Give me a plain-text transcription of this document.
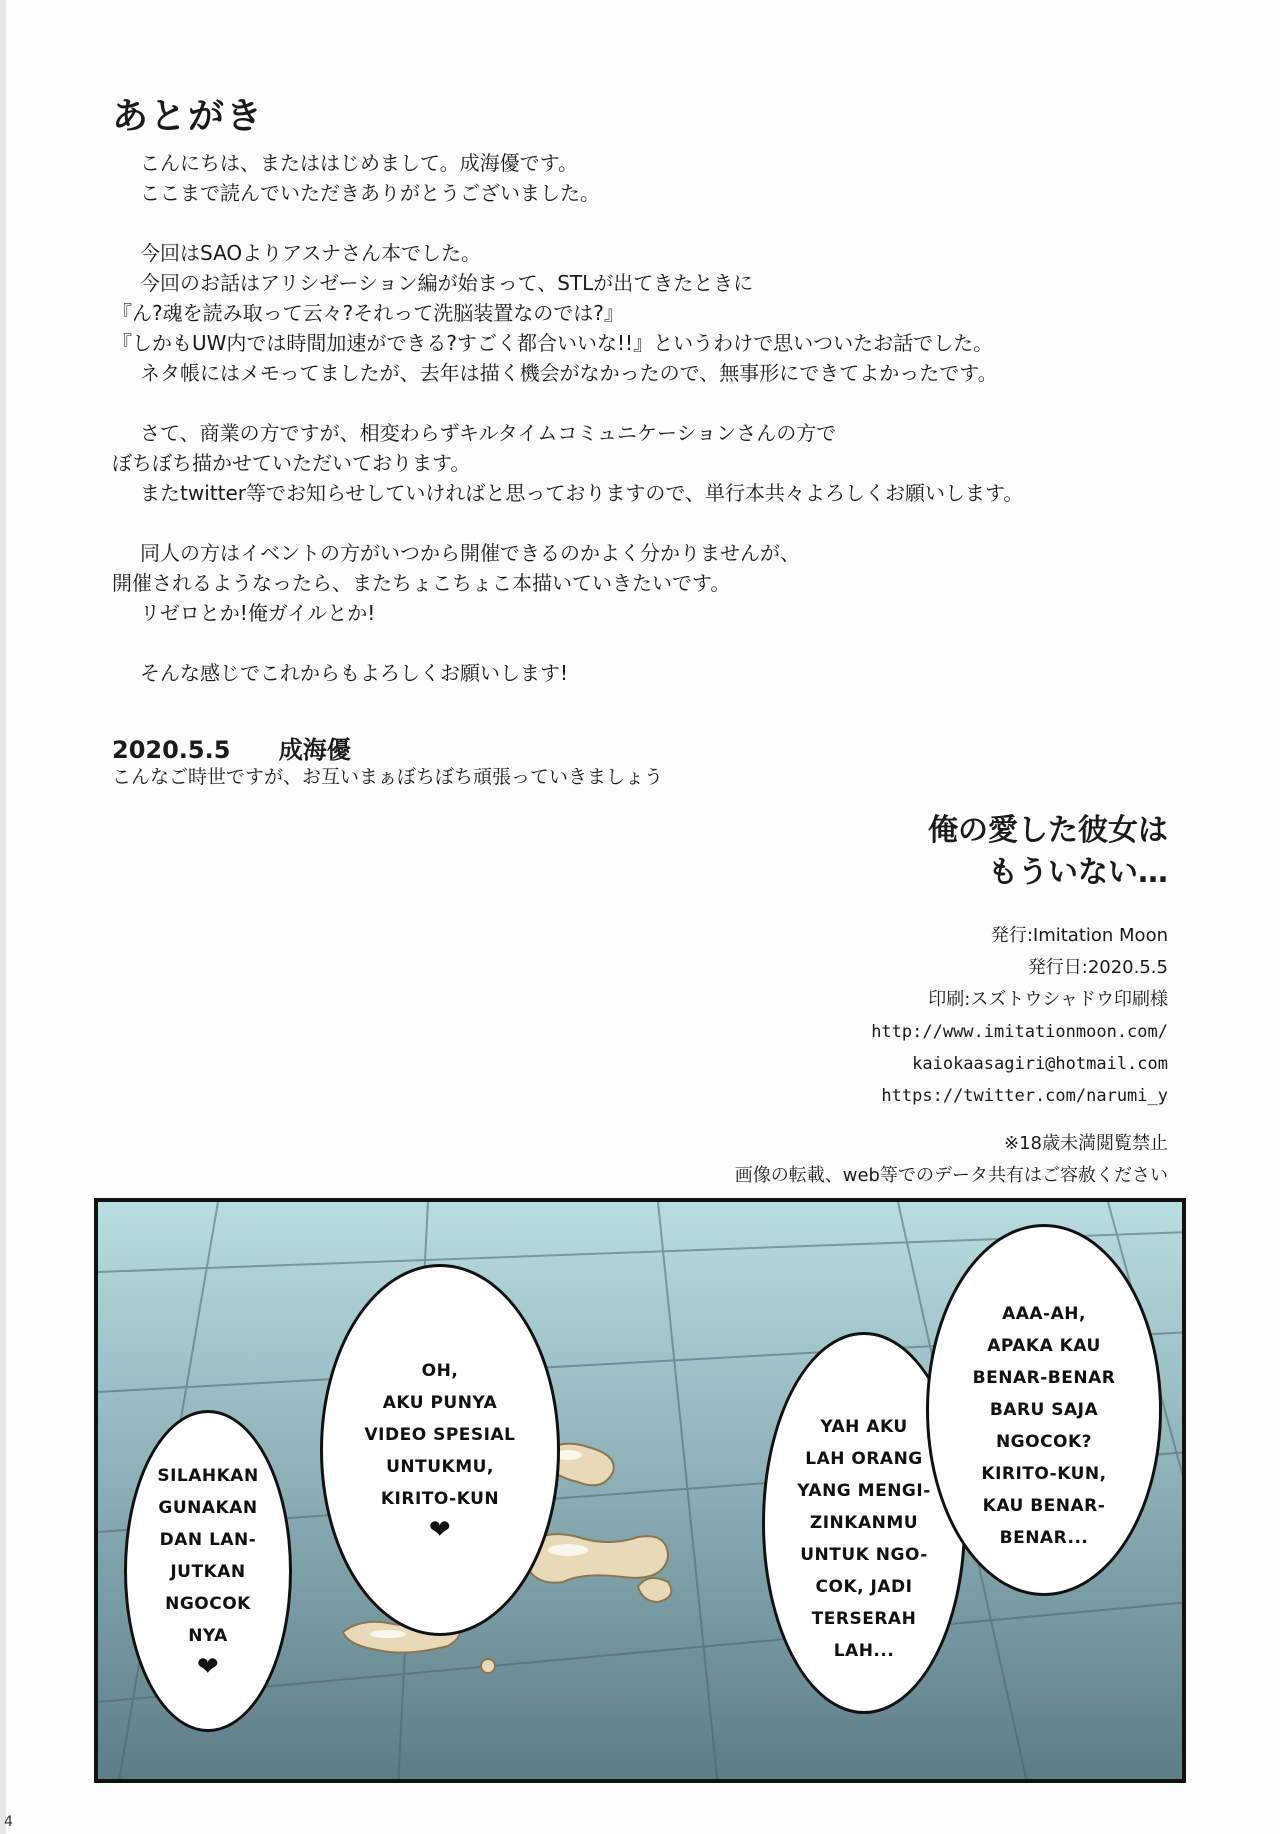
あとがき

こんにちは、またははじめまして。成海優です。

ここまで読んでいただきありがとうございました。

今回はSAOよりアスナさん本でした。

今回のお話はアリシゼーション編が始まって、STLが出てきたときに

『ん?魂を読み取って云々?それって洗脳装置なのでは?』

『しかもUW内では時間加速ができる?すごく都合いいな!!』というわけで思いついたお話でした。

ネタ帳にはメモってましたが、去年は描く機会がなかったので、無事形にできてよかったです。

さて、商業の方ですが、相変わらずキルタイムコミュニケーションさんの方で

ぼちぼち描かせていただいております。

またtwitter等でお知らせしていければと思っておりますので、単行本共々よろしくお願いします。

同人の方はイベントの方がいつから開催できるのかよく分かりませんが、

開催されるようなったら、またちょこちょこ本描いていきたいです。

リゼロとか!俺ガイルとか!

そんな感じでこれからもよろしくお願いします!

2020.5.5 成海優
こんなご時世ですが、お互いまぁぼちぼち頑張っていきましょう
俺の愛した彼女は
もういない…
発行:Imitation Moon
発行日:2020.5.5
印刷:スズトウシャドウ印刷様
http://www.imitationmoon.com/
kaiokaasagiri@hotmail.com
https://twitter.com/narumi_y
※18歳未満閲覧禁止
画像の転載、web等でのデータ共有はご容赦ください

SILAHKAN
GUNAKAN
DAN LAN-
JUTKAN
NGOCOK
NYA

❤

OH,
AKU PUNYA
VIDEO SPESIAL
UNTUKMU,
KIRITO-KUN

❤

YAH AKU
LAH ORANG
YANG MENGI-
ZINKANMU
UNTUK NGO-
COK, JADI
TERSERAH
LAH...

AAA-AH,
APAKA KAU
BENAR-BENAR
BARU SAJA
NGOCOK?
KIRITO-KUN,
KAU BENAR-
BENAR...

4
